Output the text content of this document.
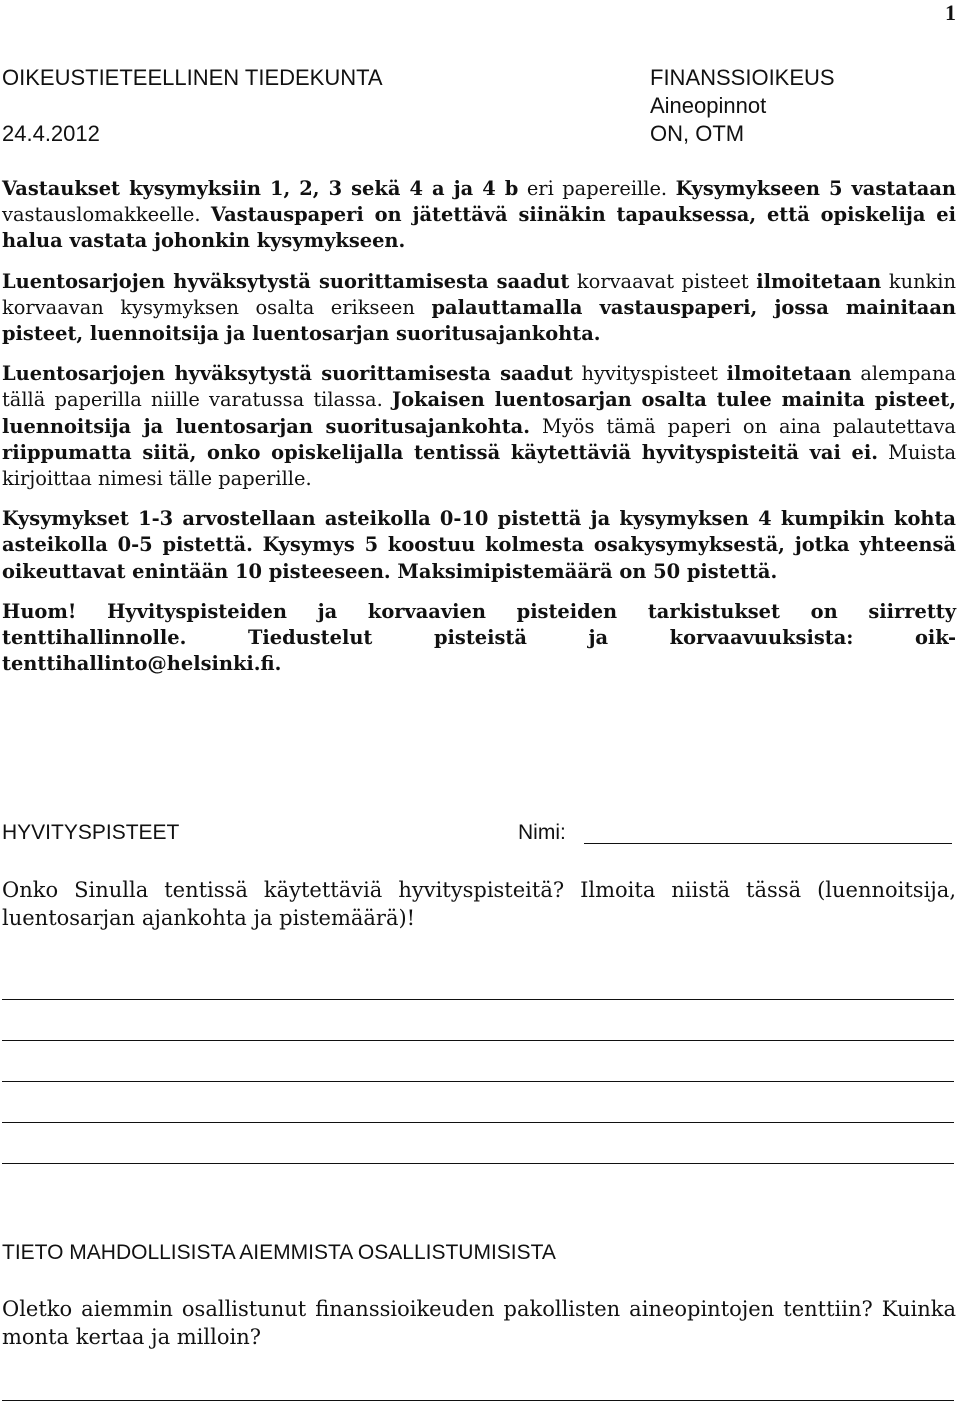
1
OIKEUSTIETEELLINEN TIEDEKUNTA
24.4.2012
FINANSSIOIKEUS
Aineopinnot
ON, OTM

Vastaukset kysymyksiin 1, 2, 3 sekä 4 a ja 4 b eri papereille. Kysymykseen 5 vastataan vastauslomakkeelle. Vastauspaperi on jätettävä siinäkin tapauksessa, että opiskelija ei halua vastata johonkin kysymykseen.

Luentosarjojen hyväksytystä suorittamisesta saadut korvaavat pisteet ilmoitetaan kunkin korvaavan kysymyksen osalta erikseen palauttamalla vastauspaperi, jossa mainitaan pisteet, luennoitsija ja luentosarjan suoritusajankohta.

Luentosarjojen hyväksytystä suorittamisesta saadut hyvityspisteet ilmoitetaan alempana tällä paperilla niille varatussa tilassa. Jokaisen luentosarjan osalta tulee mainita pisteet, luennoitsija ja luentosarjan suoritusajankohta. Myös tämä paperi on aina palautettava riippumatta siitä, onko opiskelijalla tentissä käytettäviä hyvityspisteitä vai ei. Muista kirjoittaa nimesi tälle paperille.

Kysymykset 1-3 arvostellaan asteikolla 0-10 pistettä ja kysymyksen 4 kumpikin kohta asteikolla 0-5 pistettä. Kysymys 5 koostuu kolmesta osakysymyksestä, jotka yhteensä oikeuttavat enintään 10 pisteeseen. Maksimipistemäärä on 50 pistettä.

Huom! Hyvityspisteiden ja korvaavien pisteiden tarkistukset on siirretty tenttihallinnolle. Tiedustelut pisteistä ja korvaavuuksista: oik-tenttihallinto@helsinki.fi.

HYVITYSPISTEET	Nimi:
Onko Sinulla tentissä käytettäviä hyvityspisteitä? Ilmoita niistä tässä (luennoitsija, luentosarjan ajankohta ja pistemäärä)!
TIETO MAHDOLLISISTA AIEMMISTA OSALLISTUMISISTA
Oletko aiemmin osallistunut finanssioikeuden pakollisten aineopintojen tenttiin? Kuinka monta kertaa ja milloin?
